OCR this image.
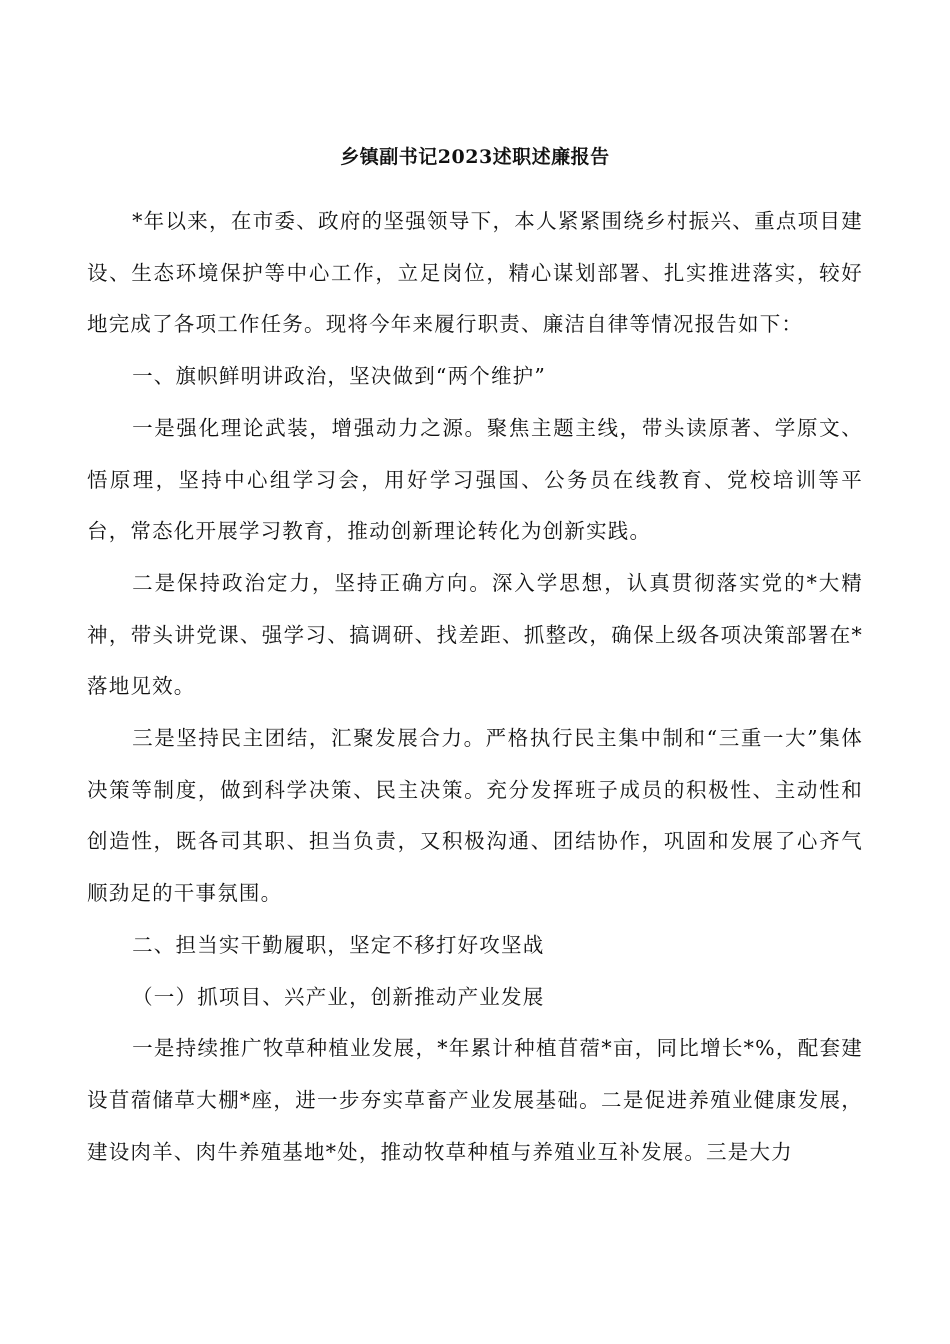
乡镇副书记2023述职述廉报告

*年以来，在市委、政府的坚强领导下，本人紧紧围绕乡村振兴、重点项目建设、生态环境保护等中心工作，立足岗位，精心谋划部署、扎实推进落实，较好地完成了各项工作任务。现将今年来履行职责、廉洁自律等情况报告如下：

一、旗帜鲜明讲政治，坚决做到“两个维护”

一是强化理论武装，增强动力之源。聚焦主题主线，带头读原著、学原文、悟原理，坚持中心组学习会，用好学习强国、公务员在线教育、党校培训等平台，常态化开展学习教育，推动创新理论转化为创新实践。

二是保持政治定力，坚持正确方向。深入学思想，认真贯彻落实党的*大精神，带头讲党课、强学习、搞调研、找差距、抓整改，确保上级各项决策部署在*落地见效。

三是坚持民主团结，汇聚发展合力。严格执行民主集中制和“三重一大”集体决策等制度，做到科学决策、民主决策。充分发挥班子成员的积极性、主动性和创造性，既各司其职、担当负责，又积极沟通、团结协作，巩固和发展了心齐气顺劲足的干事氛围。

二、担当实干勤履职，坚定不移打好攻坚战

（一）抓项目、兴产业，创新推动产业发展

一是持续推广牧草种植业发展，*年累计种植苜蓿*亩，同比增长*%，配套建设苜蓿储草大棚*座，进一步夯实草畜产业发展基础。二是促进养殖业健康发展，建设肉羊、肉牛养殖基地*处，推动牧草种植与养殖业互补发展。三是大力
